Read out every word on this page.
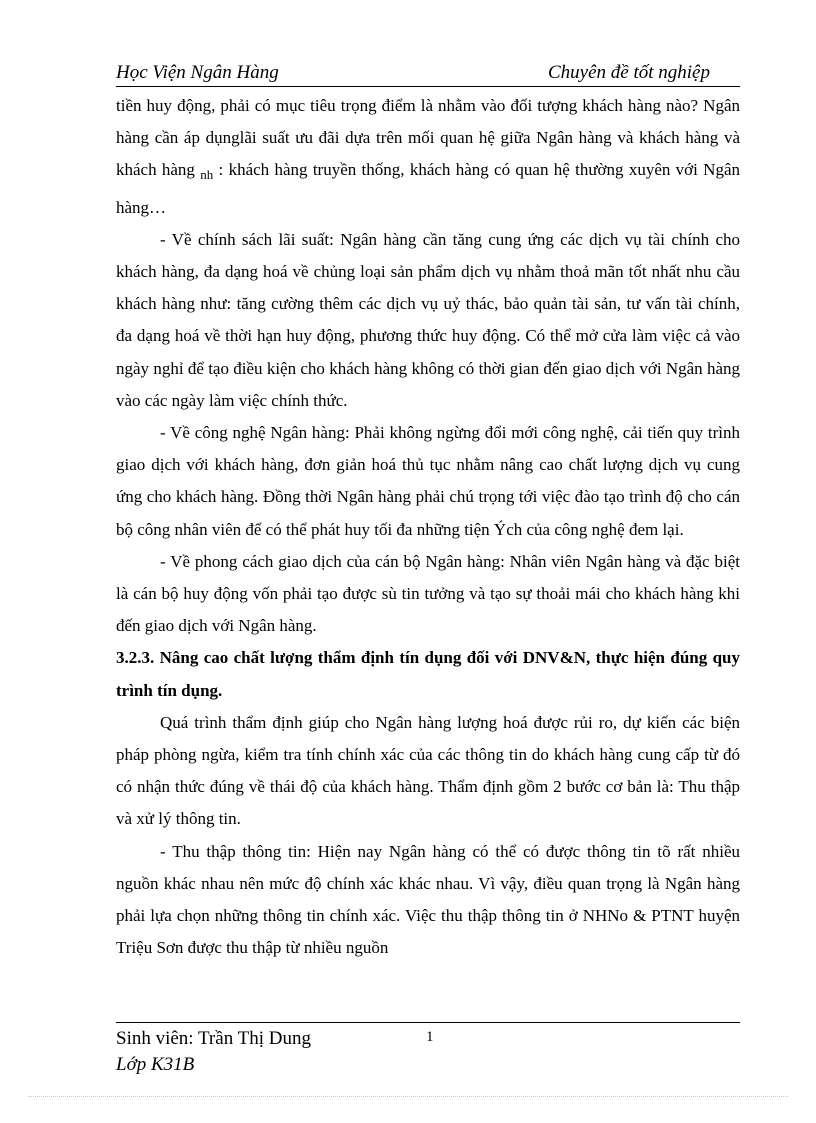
Học Viện Ngân Hàng	Chuyên đề tốt nghiệp

tiền huy động, phải có mục tiêu trọng điểm là nhằm vào đối tượng khách hàng nào? Ngân hàng cần áp dụnglãi suất ưu đãi dựa trên mối quan hệ giữa Ngân hàng và khách hàng và khách hàng $_{nh}$ : khách hàng truyền thống, khách hàng có quan hệ thường xuyên với Ngân hàng…

- Về chính sách lãi suất: Ngân hàng cần tăng cung ứng các dịch vụ tài chính cho khách hàng, đa dạng hoá về chủng loại sản phẩm dịch vụ nhằm thoả mãn tốt nhất nhu cầu khách hàng như: tăng cường thêm các dịch vụ uỷ thác, bảo quản tài sản, tư vấn tài chính, đa dạng hoá về thời hạn huy động, phương thức huy động. Có thể mở cửa làm việc cả vào ngày nghỉ để tạo điều kiện cho khách hàng không có thời gian đến giao dịch với Ngân hàng vào các ngày làm việc chính thức.

- Về công nghệ Ngân hàng: Phải không ngừng đổi mới công nghệ, cải tiến quy trình giao dịch với khách hàng, đơn giản hoá thủ tục nhằm nâng cao chất lượng dịch vụ cung ứng cho khách hàng. Đồng thời Ngân hàng phải chú trọng tới việc đào tạo trình độ cho cán bộ công nhân viên để có thể phát huy tối đa những tiện Ých của công nghệ đem lại.

- Về phong cách giao dịch của cán bộ Ngân hàng: Nhân viên Ngân hàng và đặc biệt là cán bộ huy động vốn phải tạo được sù tin tưởng và tạo sự thoải mái cho khách hàng khi đến giao dịch với Ngân hàng.

3.2.3. Nâng cao chất lượng thẩm định tín dụng đối với DNV&N, thực hiện đúng quy trình tín dụng.

Quá trình thẩm định giúp cho Ngân hàng lượng hoá được rủi ro, dự kiến các biện pháp phòng ngừa, kiểm tra tính chính xác của các thông tin do khách hàng cung cấp từ đó có nhận thức đúng về thái độ của khách hàng. Thẩm định gồm 2 bước cơ bản là: Thu thập và xử lý thông tin.

- Thu thập thông tin: Hiện nay Ngân hàng có thể có được thông tin tõ rất nhiều nguồn khác nhau nên mức độ chính xác khác nhau. Vì vậy, điều quan trọng là Ngân hàng phải lựa chọn những thông tin chính xác. Việc thu thập thông tin ở NHNo & PTNT huyện Triệu Sơn được thu thập từ nhiều nguồn

Sinh viên: Trần Thị Dung	1
Lớp K31B
